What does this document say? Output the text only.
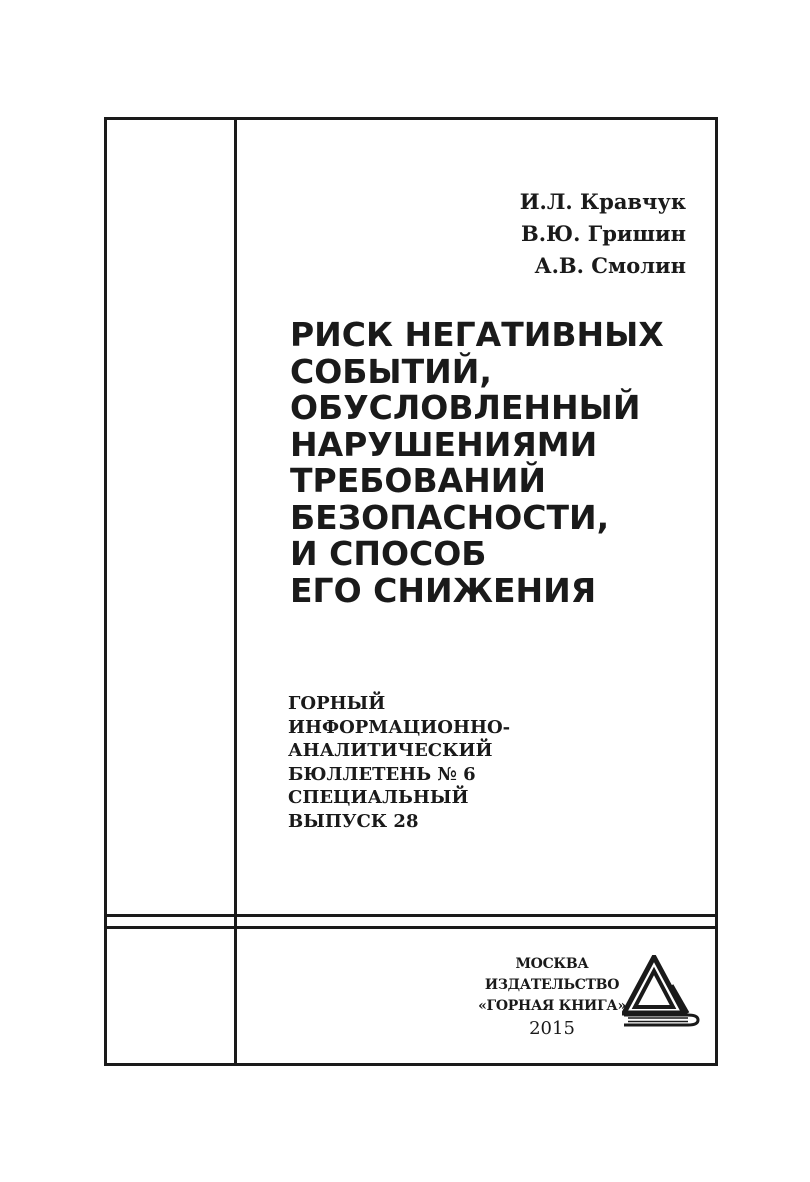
И.Л. Кравчук
В.Ю. Гришин
А.В. Смолин
РИСК НЕГАТИВНЫХ
СОБЫТИЙ,
ОБУСЛОВЛЕННЫЙ
НАРУШЕНИЯМИ
ТРЕБОВАНИЙ
БЕЗОПАСНОСТИ,
И СПОСОБ
ЕГО СНИЖЕНИЯ
ГОРНЫЙ
ИНФОРМАЦИОННО-
АНАЛИТИЧЕСКИЙ
БЮЛЛЕТЕНЬ № 6
СПЕЦИАЛЬНЫЙ
ВЫПУСК 28
МОСКВА
ИЗДАТЕЛЬСТВО
«ГОРНАЯ КНИГА»
2015
